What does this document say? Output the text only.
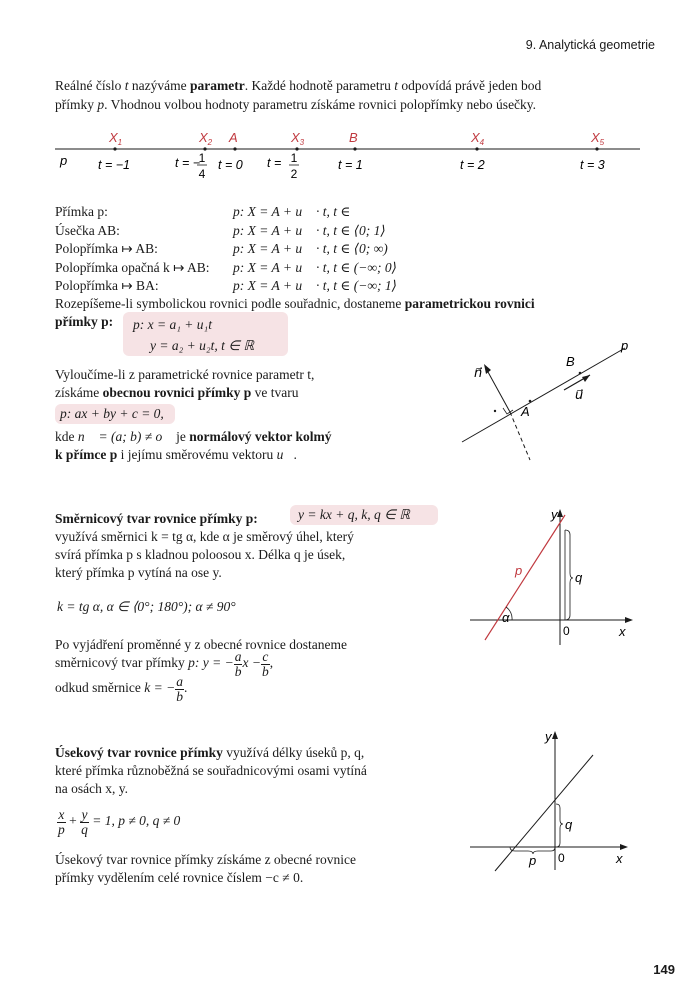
9. Analytická geometrie
Reálné číslo t nazýváme parametr. Každé hodnotě parametru t odpovídá právě jeden bod
přímky p. Vhodnou volbou hodnoty parametru získáme rovnici polopřímky nebo úsečky.
p
$X_1$
t = −1
$X_2$
t = −
1
4
A
t = 0
$X_3$
t = 1
2
B
t = 1
$X_4$
t = 2
$X_5$
t = 3
Přímka p:	p: X = A + u⃗ · t, t ∈ ℝ
Úsečka AB:	p: X = A + u⃗ · t, t ∈ ⟨0; 1⟩
Polopřímka ↦ AB:	p: X = A + u⃗ · t, t ∈ ⟨0; ∞)
Polopřímka opačná k ↦ AB: p: X = A + u⃗ · t, t ∈ (−∞; 0⟩
Polopřímka ↦ BA:	p: X = A + u⃗ · t, t ∈ (−∞; 1⟩
Rozepíšeme-li symbolickou rovnici podle souřadnic, dostaneme parametrickou rovnici
přímky p: p: x = a₁ + u₁t
y = a₂ + u₂t, t ∈ ℝ
Vyloučíme-li z parametrické rovnice parametr t,
získáme obecnou rovnici přímky p ve tvaru
p: ax + by + c = 0,
kde n⃗ = (a; b) ≠ o⃗ je normálový vektor kolmý
k přímce p i jejímu směrovému vektoru u⃗.
n⃗
u⃗
A
B
p
Směrnicový tvar rovnice přímky p:	y = kx + q, k, q ∈ ℝ
využívá směrnici k = tg α, kde α je směrový úhel, který
svírá přímka p s kladnou poloosou x. Délka q je úsek,
který přímka p vytíná na ose y.
k = tg α, α ∈ ⟨0°; 180°); α ≠ 90°
Po vyjádření proměnné y z obecné rovnice dostaneme
směrnicový tvar přímky p: y = − $\frac{a}{b}$ $x - \frac{c}{b}$ ,
odkud směrnice k = − $\frac{a}{b}$ .
y
x
0
p	q
α
Úsekový tvar rovnice přímky využívá délky úseků p, q,
které přímka různoběžná se souřadnicovými osami vytíná
na osách x, y.
$\frac{x}{p} + \frac{y}{q} = 1$, p ≠ 0, q ≠ 0
Úsekový tvar rovnice přímky získáme z obecné rovnice
přímky vydělením celé rovnice číslem −c ≠ 0.
y
x
0
p
q
149
